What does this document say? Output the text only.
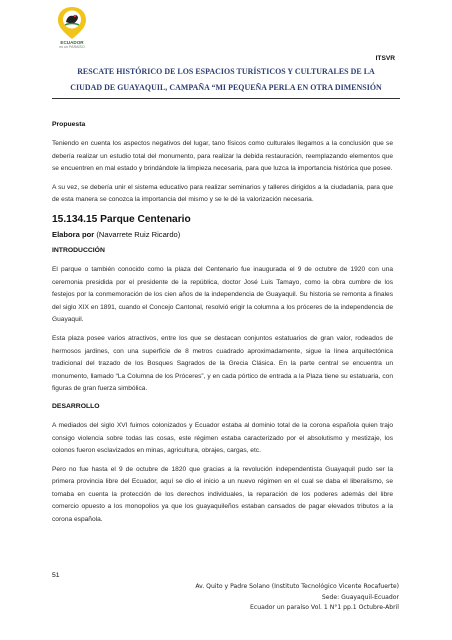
ECUADOR
es un PARAÍSO
ITSVR
RESCATE HISTÓRICO DE LOS ESPACIOS TURÍSTICOS Y CULTURALES DE LA
CIUDAD DE GUAYAQUIL, CAMPAÑA “MI PEQUEÑA PERLA EN OTRA DIMENSIÓN
Propuesta

Teniendo en cuenta los aspectos negativos del lugar, tano físicos como culturales llegamos a la conclusión que se debería realizar un estudio total del monumento, para realizar la debida restauración, reemplazando elementos que se encuentren en mal estado y brindándole la limpieza necesaria, para que luzca la importancia histórica que posee.

A su vez, se debería unir el sistema educativo para realizar seminarios y talleres dirigidos a la ciudadanía, para que de esta manera se conozca la importancia del mismo y se le dé la valorización necesaria.

15.134.15 Parque Centenario
Elabora por (Navarrete Ruiz Ricardo)
INTRODUCCIÓN

El parque o también conocido como la plaza del Centenario fue inaugurada el 9 de octubre de 1920 con una ceremonia presidida por el presidente de la república, doctor José Luis Tamayo, como la obra cumbre de los festejos por la conmemoración de los cien años de la independencia de Guayaquil. Su historia se remonta a finales del siglo XIX en 1891, cuando el Concejo Cantonal, resolvió erigir la columna a los próceres de la independencia de Guayaquil.

Esta plaza posee varios atractivos, entre los que se destacan conjuntos estatuarios de gran valor, rodeados de hermosos jardines, con una superficie de 8 metros cuadrado aproximadamente, sigue la línea arquitectónica tradicional del trazado de los Bosques Sagrados de la Grecia Clásica. En la parte central se encuentra un monumento, llamado “La Columna de los Próceres”, y en cada pórtico de entrada a la Plaza tiene su estatuaria, con figuras de gran fuerza simbólica.

DESARROLLO

A mediados del siglo XVI fuimos colonizados y Ecuador estaba al dominio total de la corona española quien trajo consigo violencia sobre todas las cosas, este régimen estaba caracterizado por el absolutismo y mestizaje, los colonos fueron esclavizados en minas, agricultura, obrajes, cargas, etc.

Pero no fue hasta el 9 de octubre de 1820 que gracias a la revolución independentista Guayaquil pudo ser la primera provincia libre del Ecuador, aquí se dio el inicio a un nuevo régimen en el cual se daba el liberalismo, se tomaba en cuenta la protección de los derechos individuales, la reparación de los poderes además del libre comercio opuesto a los monopolios ya que los guayaquileños estaban cansados de pagar elevados tributos a la corona española.

51
Av. Quito y Padre Solano (Instituto Tecnológico Vicente Rocafuerte)
Sede: Guayaquil-Ecuador
Ecuador un paraíso Vol. 1 N°1 pp.1 Octubre-Abril
